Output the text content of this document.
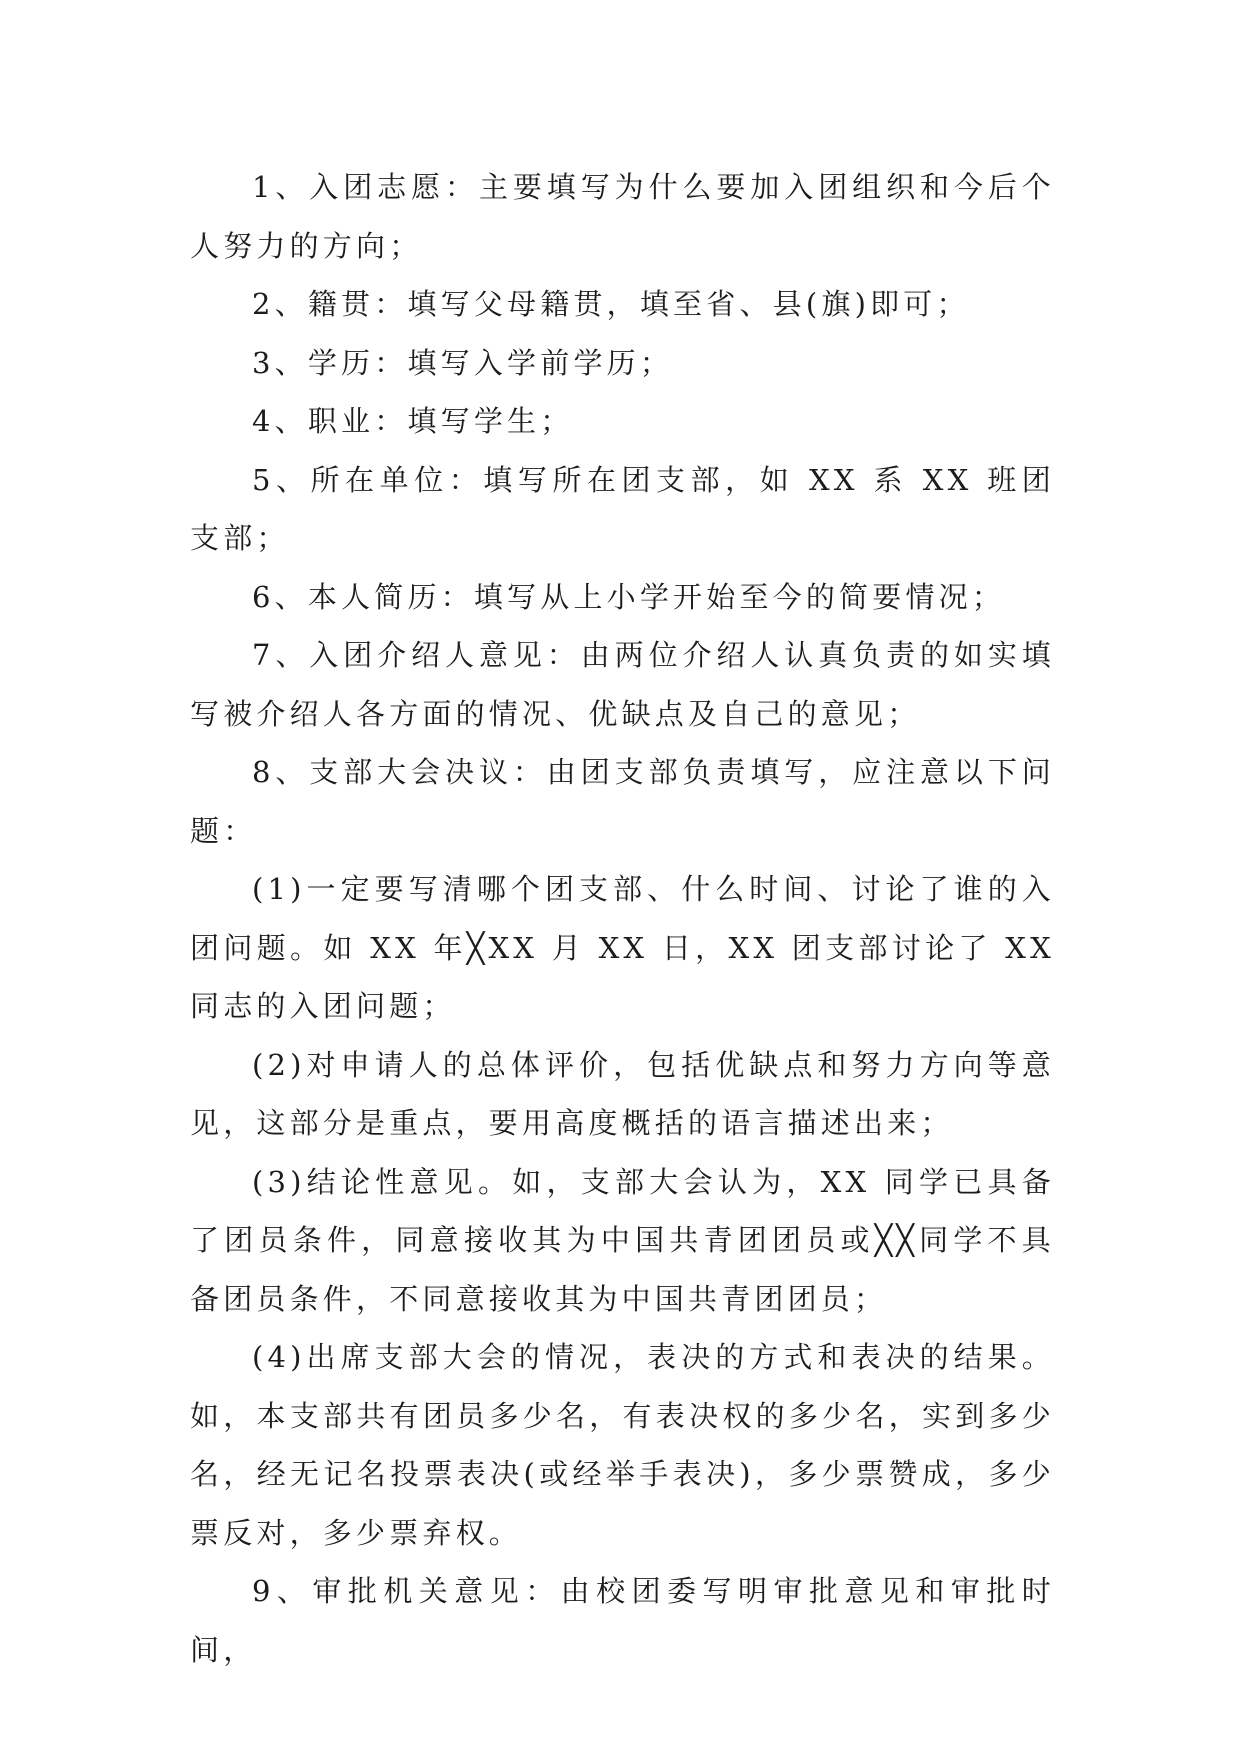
1、入团志愿：主要填写为什么要加入团组织和今后个人努力的方向；

2、籍贯：填写父母籍贯，填至省、县(旗)即可；

3、学历：填写入学前学历；

4、职业：填写学生；

5、所在单位：填写所在团支部，如 XX 系 XX 班团支部；

6、本人简历：填写从上小学开始至今的简要情况；

7、入团介绍人意见：由两位介绍人认真负责的如实填写被介绍人各方面的情况、优缺点及自己的意见；

8、支部大会决议：由团支部负责填写，应注意以下问题：

(1)一定要写清哪个团支部、什么时间、讨论了谁的入团问题。如 XX 年╳XX 月 XX 日，XX 团支部讨论了 XX 同志的入团问题；

(2)对申请人的总体评价，包括优缺点和努力方向等意见，这部分是重点，要用高度概括的语言描述出来；

(3)结论性意见。如，支部大会认为，XX 同学已具备了团员条件，同意接收其为中国共青团团员或╳╳同学不具备团员条件，不同意接收其为中国共青团团员；

(4)出席支部大会的情况，表决的方式和表决的结果。如，本支部共有团员多少名，有表决权的多少名，实到多少名，经无记名投票表决(或经举手表决)，多少票赞成，多少票反对，多少票弃权。

9、审批机关意见：由校团委写明审批意见和审批时间，
